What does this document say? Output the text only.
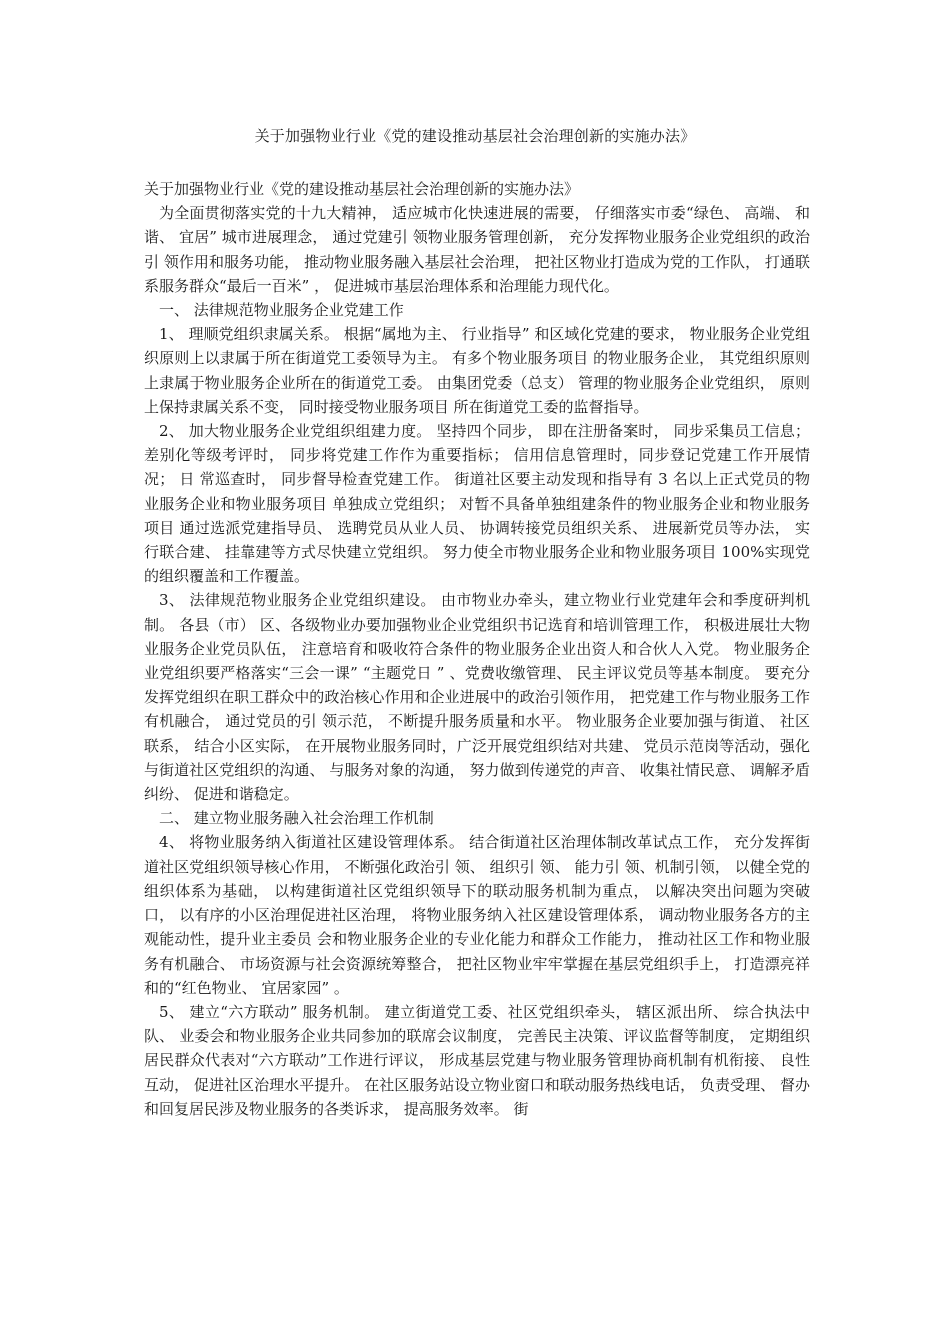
关于加强物业行业《党的建设推动基层社会治理创新的实施办法》

关于加强物业行业《党的建设推动基层社会治理创新的实施办法》

为全面贯彻落实党的十九大精神， 适应城市化快速进展的需要， 仔细落实市委“绿色、 高端、 和谐、 宜居” 城市进展理念， 通过党建引 领物业服务管理创新， 充分发挥物业服务企业党组织的政治引 领作用和服务功能， 推动物业服务融入基层社会治理， 把社区物业打造成为党的工作队， 打通联系服务群众“最后一百米” ， 促进城市基层治理体系和治理能力现代化。

一、 法律规范物业服务企业党建工作

1、 理顺党组织隶属关系。 根据“属地为主、 行业指导” 和区域化党建的要求， 物业服务企业党组织原则上以隶属于所在街道党工委领导为主。 有多个物业服务项目 的物业服务企业， 其党组织原则上隶属于物业服务企业所在的街道党工委。 由集团党委（总支） 管理的物业服务企业党组织， 原则上保持隶属关系不变， 同时接受物业服务项目 所在街道党工委的监督指导。

2、 加大物业服务企业党组织组建力度。 坚持四个同步， 即在注册备案时， 同步采集员工信息； 差别化等级考评时， 同步将党建工作作为重要指标； 信用信息管理时，同步登记党建工作开展情况； 日 常巡查时， 同步督导检查党建工作。 街道社区要主动发现和指导有 3 名以上正式党员的物业服务企业和物业服务项目 单独成立党组织； 对暂不具备单独组建条件的物业服务企业和物业服务项目 通过选派党建指导员、 选聘党员从业人员、 协调转接党员组织关系、 进展新党员等办法， 实行联合建、 挂靠建等方式尽快建立党组织。 努力使全市物业服务企业和物业服务项目 100%实现党的组织覆盖和工作覆盖。

3、 法律规范物业服务企业党组织建设。 由市物业办牵头，建立物业行业党建年会和季度研判机制。 各县（市） 区、各级物业办要加强物业企业党组织书记选育和培训管理工作， 积极进展壮大物业服务企业党员队伍， 注意培育和吸收符合条件的物业服务企业出资人和合伙人入党。 物业服务企业党组织要严格落实“三会一课” “主题党日 ” 、党费收缴管理、 民主评议党员等基本制度。 要充分发挥党组织在职工群众中的政治核心作用和企业进展中的政治引领作用， 把党建工作与物业服务工作有机融合， 通过党员的引 领示范， 不断提升服务质量和水平。 物业服务企业要加强与街道、 社区联系， 结合小区实际， 在开展物业服务同时，广泛开展党组织结对共建、 党员示范岗等活动，强化与街道社区党组织的沟通、 与服务对象的沟通， 努力做到传递党的声音、 收集社情民意、 调解矛盾纠纷、 促进和谐稳定。

二、 建立物业服务融入社会治理工作机制

4、 将物业服务纳入街道社区建设管理体系。 结合街道社区治理体制改革试点工作， 充分发挥街道社区党组织领导核心作用， 不断强化政治引 领、 组织引 领、 能力引 领、机制引领， 以健全党的组织体系为基础， 以构建街道社区党组织领导下的联动服务机制为重点， 以解决突出问题为突破口， 以有序的小区治理促进社区治理， 将物业服务纳入社区建设管理体系， 调动物业服务各方的主观能动性，提升业主委员 会和物业服务企业的专业化能力和群众工作能力， 推动社区工作和物业服务有机融合、 市场资源与社会资源统筹整合， 把社区物业牢牢掌握在基层党组织手上， 打造漂亮祥和的“红色物业、 宜居家园” 。

5、 建立“六方联动” 服务机制。 建立街道党工委、社区党组织牵头， 辖区派出所、 综合执法中队、 业委会和物业服务企业共同参加的联席会议制度， 完善民主决策、评议监督等制度， 定期组织居民群众代表对“六方联动”工作进行评议， 形成基层党建与物业服务管理协商机制有机衔接、 良性互动， 促进社区治理水平提升。 在社区服务站设立物业窗口和联动服务热线电话， 负责受理、 督办和回复居民涉及物业服务的各类诉求， 提高服务效率。 街
